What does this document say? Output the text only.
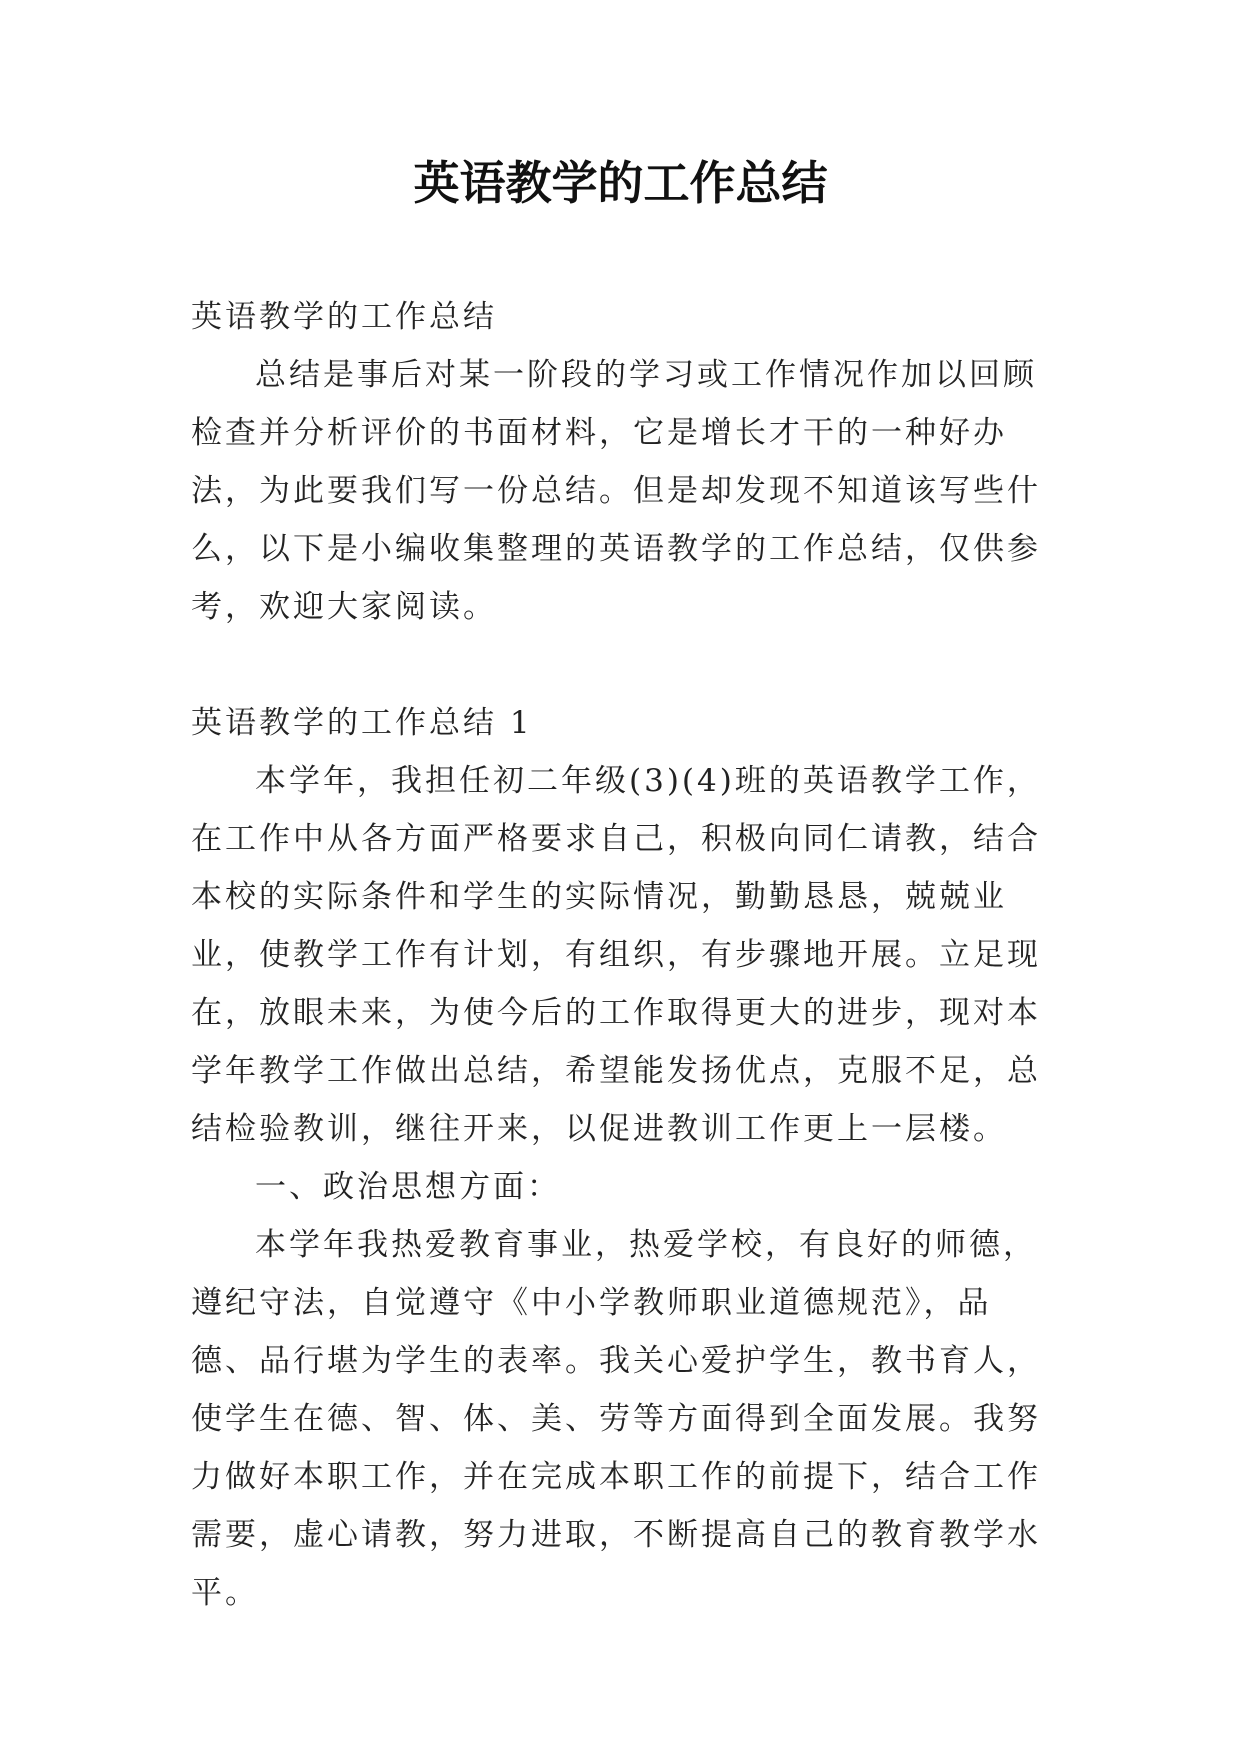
英语教学的工作总结

英语教学的工作总结

总结是事后对某一阶段的学习或工作情况作加以回顾检查并分析评价的书面材料，它是增长才干的一种好办法，为此要我们写一份总结。但是却发现不知道该写些什么，以下是小编收集整理的英语教学的工作总结，仅供参考，欢迎大家阅读。

英语教学的工作总结 1

本学年，我担任初二年级(3)(4)班的英语教学工作，在工作中从各方面严格要求自己，积极向同仁请教，结合本校的实际条件和学生的实际情况，勤勤恳恳，兢兢业业，使教学工作有计划，有组织，有步骤地开展。立足现在，放眼未来，为使今后的工作取得更大的进步，现对本学年教学工作做出总结，希望能发扬优点，克服不足，总结检验教训，继往开来，以促进教训工作更上一层楼。

一、政治思想方面：

本学年我热爱教育事业，热爱学校，有良好的师德，遵纪守法，自觉遵守《中小学教师职业道德规范》，品德、品行堪为学生的表率。我关心爱护学生，教书育人，使学生在德、智、体、美、劳等方面得到全面发展。我努力做好本职工作，并在完成本职工作的前提下，结合工作需要，虚心请教，努力进取，不断提高自己的教育教学水平。
